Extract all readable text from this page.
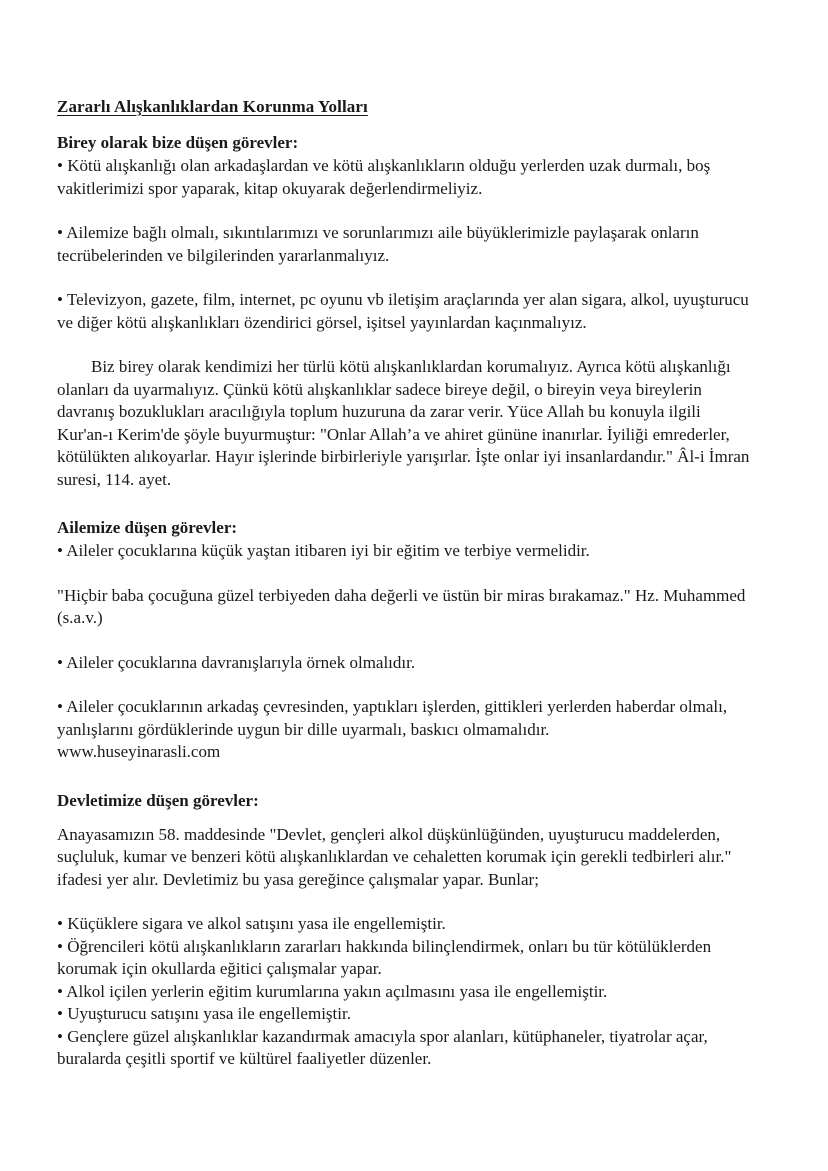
Zararlı Alışkanlıklardan Korunma Yolları
Birey olarak bize düşen görevler:

• Kötü alışkanlığı olan arkadaşlardan ve kötü alışkanlıkların olduğu yerlerden uzak durmalı, boş vakitlerimizi spor yaparak, kitap okuyarak değerlendirmeliyiz.

• Ailemize bağlı olmalı, sıkıntılarımızı ve sorunlarımızı aile büyüklerimizle paylaşarak onların tecrübelerinden ve bilgilerinden yararlanmalıyız.

• Televizyon, gazete, film, internet, pc oyunu vb iletişim araçlarında yer alan sigara, alkol, uyuşturucu ve diğer kötü alışkanlıkları özendirici görsel, işitsel yayınlardan kaçınmalıyız.

Biz birey olarak kendimizi her türlü kötü alışkanlıklardan korumalıyız. Ayrıca kötü alışkanlığı olanları da uyarmalıyız. Çünkü kötü alışkanlıklar sadece bireye değil, o bireyin veya bireylerin davranış bozuklukları aracılığıyla toplum huzuruna da zarar verir. Yüce Allah bu konuyla ilgili Kur'an-ı Kerim'de şöyle buyurmuştur: "Onlar Allah’a ve ahiret gününe inanırlar. İyiliği emrederler, kötülükten alıkoyarlar. Hayır işlerinde birbirleriyle yarışırlar. İşte onlar iyi insanlardandır." Âl-i İmran suresi, 114. ayet.

Ailemize düşen görevler:

• Aileler çocuklarına küçük yaştan itibaren iyi bir eğitim ve terbiye vermelidir.

"Hiçbir baba çocuğuna güzel terbiyeden daha değerli ve üstün bir miras bırakamaz." Hz. Muhammed (s.a.v.)

• Aileler çocuklarına davranışlarıyla örnek olmalıdır.

• Aileler çocuklarının arkadaş çevresinden, yaptıkları işlerden, gittikleri yerlerden haberdar olmalı, yanlışlarını gördüklerinde uygun bir dille uyarmalı, baskıcı olmamalıdır.

www.huseyinarasli.com

Devletimize düşen görevler:

Anayasamızın 58. maddesinde "Devlet, gençleri alkol düşkünlüğünden, uyuşturucu maddelerden, suçluluk, kumar ve benzeri kötü alışkanlıklardan ve cehaletten korumak için gerekli tedbirleri alır." ifadesi yer alır. Devletimiz bu yasa gereğince çalışmalar yapar. Bunlar;

• Küçüklere sigara ve alkol satışını yasa ile engellemiştir.

• Öğrencileri kötü alışkanlıkların zararları hakkında bilinçlendirmek, onları bu tür kötülüklerden korumak için okullarda eğitici çalışmalar yapar.

• Alkol içilen yerlerin eğitim kurumlarına yakın açılmasını yasa ile engellemiştir.

• Uyuşturucu satışını yasa ile engellemiştir.

• Gençlere güzel alışkanlıklar kazandırmak amacıyla spor alanları, kütüphaneler, tiyatrolar açar, buralarda çeşitli sportif ve kültürel faaliyetler düzenler.
